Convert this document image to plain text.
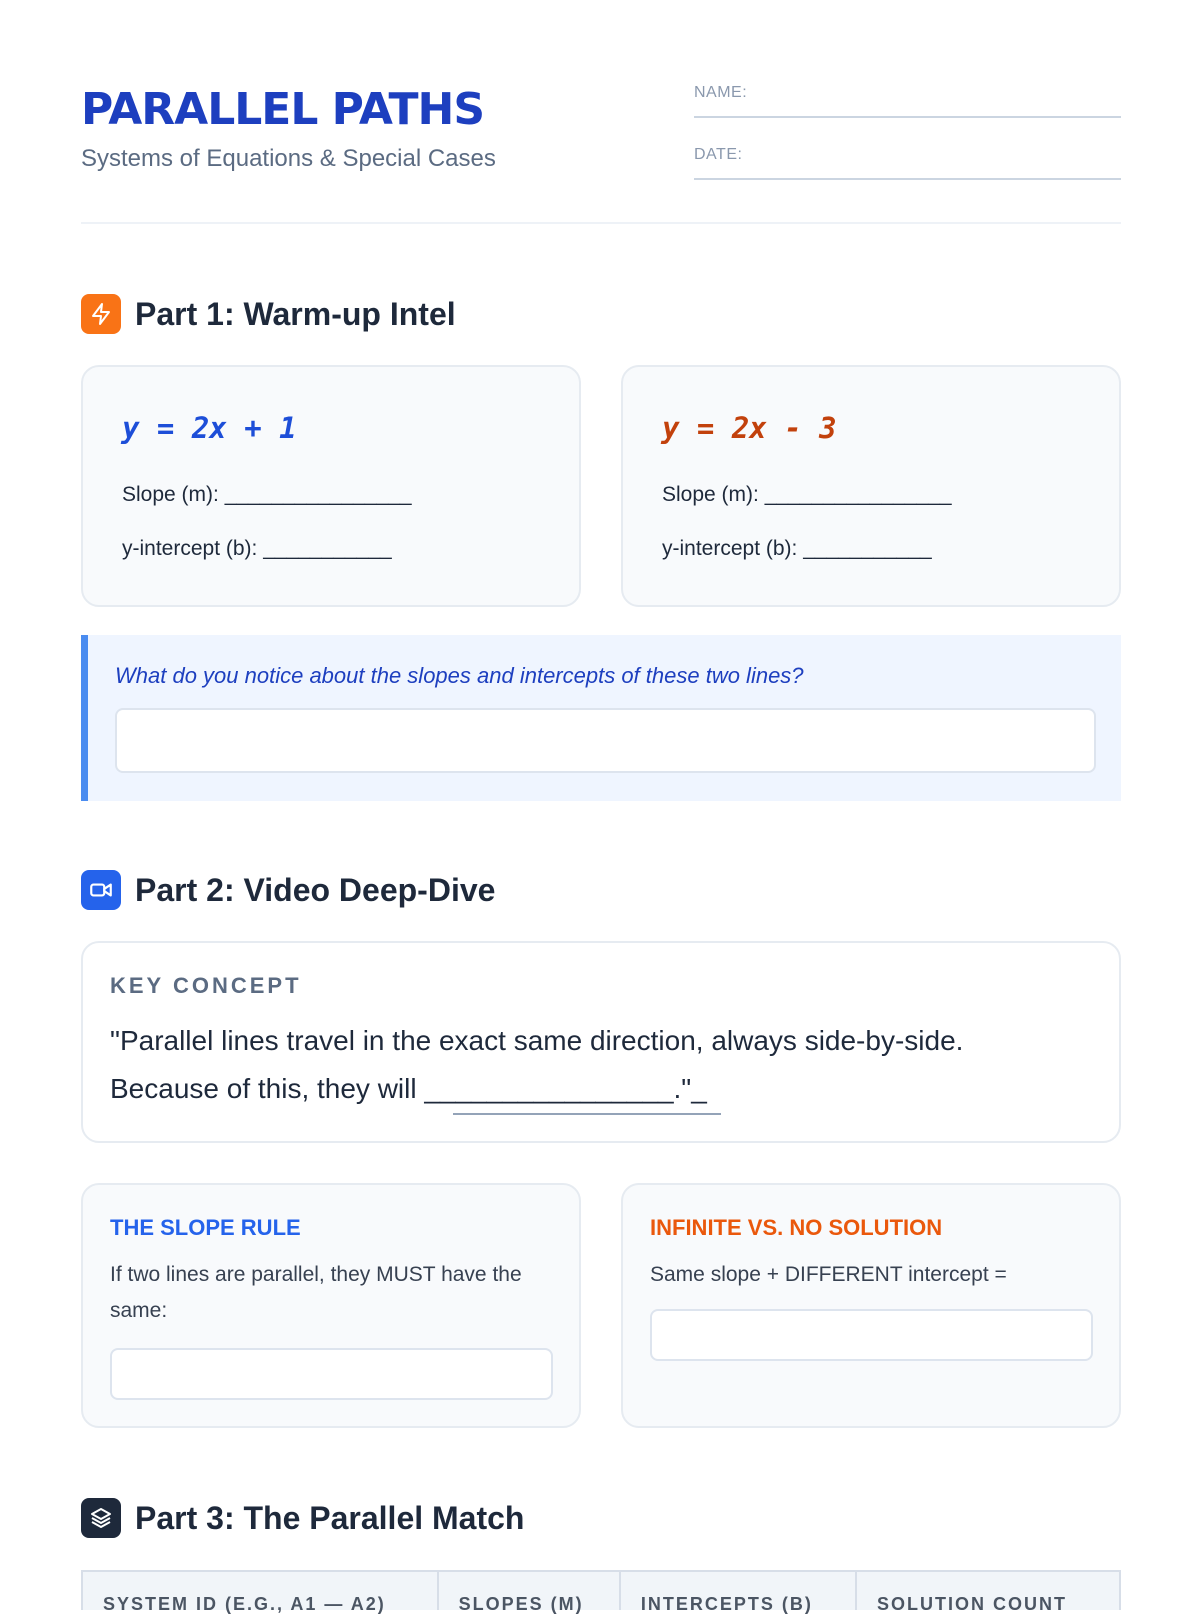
PARALLEL PATHS
Systems of Equations & Special Cases
NAME:
DATE:
Part 1: Warm-up Intel
y = 2x + 1
Slope (m): ________________
y-intercept (b): ___________
y = 2x - 3
Slope (m): ________________
y-intercept (b): ___________
What do you notice about the slopes and intercepts of these two lines?
Part 2: Video Deep-Dive
KEY CONCEPT
"Parallel lines travel in the exact same direction, always side-by-side.
Because of this, they will ________________."_
THE SLOPE RULE
If two lines are parallel, they MUST have the same:
INFINITE VS. NO SOLUTION
Same slope + DIFFERENT intercept =
Part 3: The Parallel Match
SYSTEM ID (E.G., A1 — A2)	SLOPES (M)	INTERCEPTS (B)	SOLUTION COUNT
